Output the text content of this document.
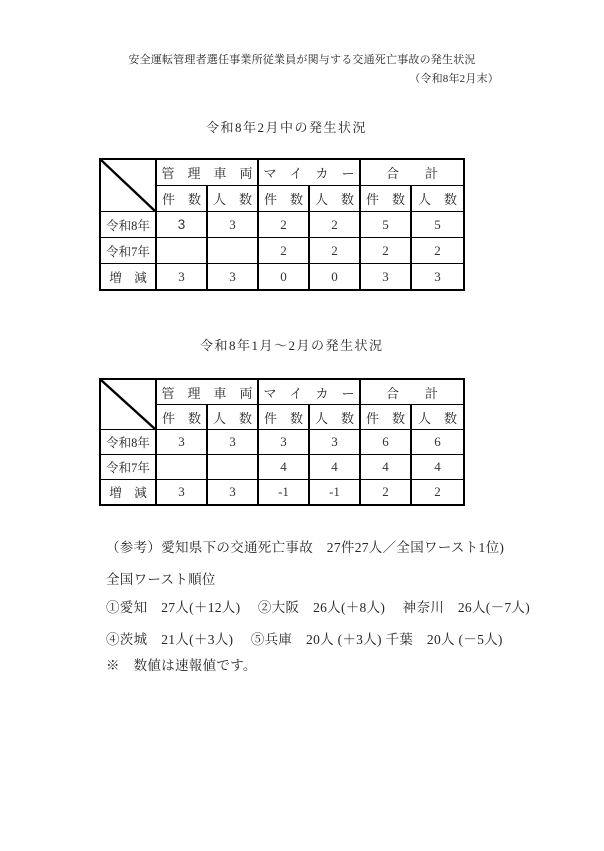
安全運転管理者選任事業所従業員が関与する交通死亡事故の発生状況
（令和8年2月末）
令和8年2月中の発生状況

	管　理　車　両		マ　イ　カ　ー		合　　計	
	件　数	人　数	件　数	人　数	件　数	人　数
令和8年	3	3	2	2	5	5
令和7年			2	2	2	2
増　減	3	3	0	0	3	3
令和8年1月〜2月の発生状況

	管　理　車　両		マ　イ　カ　ー		合　　計	
	件　数	人　数	件　数	人　数	件　数	人　数
令和8年	3	3	3	3	6	6
令和7年			4	4	4	4
増　減	3	3	-1	-1	2	2
（参考）愛知県下の交通死亡事故　27件27人／全国ワースト1位)
全国ワースト順位
①愛知　27人(＋12人)　 ②大阪　26人(＋8人)　 神奈川　26人(－7人)
④茨城　21人(＋3人)　 ⑤兵庫　20人 (＋3人) 千葉　20人 (－5人)
※　数値は速報値です。
